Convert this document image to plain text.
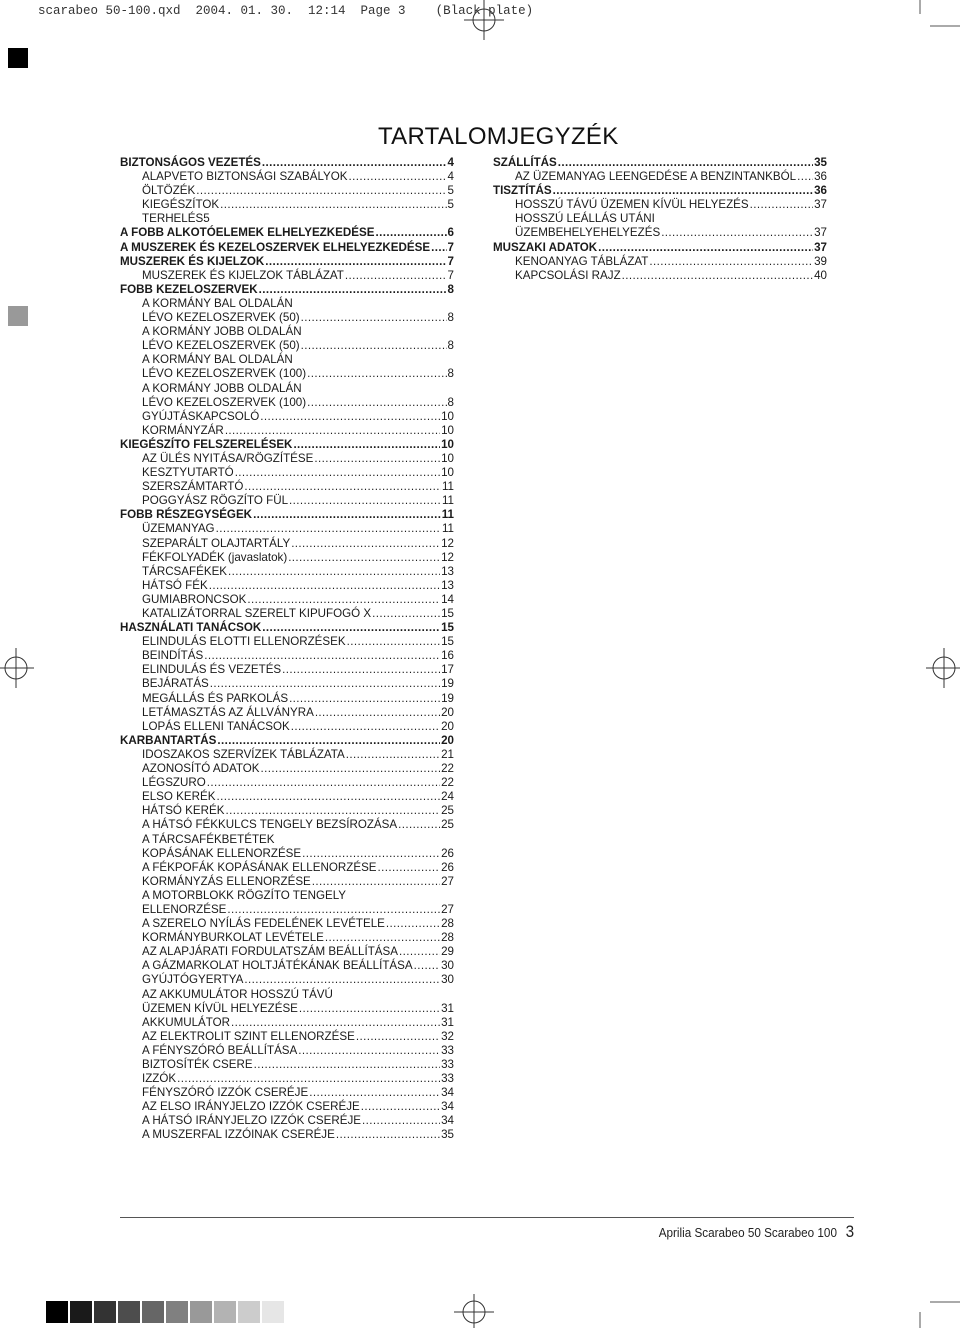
scarabeo 50-100.qxd  2004. 01. 30.  12:14  Page 3    (Black plate)
TARTALOMJEGYZÉK
BIZTONSÁGOS VEZETÉS .....	4
ALAPVETO BIZTONSÁGI SZABÁLYOK .....	4
ÖLTÖZÉK .....	5
KIEGÉSZÍTOK .....	5
TERHELÉS5
A FOBB ALKOTÓELEMEK ELHELYEZKEDÉSE .....	6
A MUSZEREK ÉS KEZELOSZERVEK ELHELYEZKEDÉSE ..... 7
MUSZEREK ÉS KIJELZOK .....	7
MUSZEREK ÉS KIJELZOK TÁBLÁZAT .....	7
FOBB KEZELOSZERVEK .....	8
A KORMÁNY BAL OLDALÁN
LÉVO KEZELOSZERVEK (50) .....	8
A KORMÁNY JOBB OLDALÁN
LÉVO KEZELOSZERVEK (50) .....	8
A KORMÁNY BAL OLDALÁN
LÉVO KEZELOSZERVEK (100) .....	8
A KORMÁNY JOBB OLDALÁN
LÉVO KEZELOSZERVEK (100) .....	8
GYÚJTÁSKAPCSOLÓ .....	10
KORMÁNYZÁR .....	10
KIEGÉSZÍTO FELSZERELÉSEK .....	10
AZ ÜLÉS NYITÁSA/RÖGZÍTÉSE .....	10
KESZTYUTARTÓ .....	10
SZERSZÁMTARTÓ .....	11
POGGYÁSZ RÖGZÍTO FÜL .....	11
FOBB RÉSZEGYSÉGEK .....	11
ÜZEMANYAG .....	11
SZEPARÁLT OLAJTARTÁLY .....	12
FÉKFOLYADÉK (javaslatok) .....	12
TÁRCSAFÉKEK .....	13
HÁTSÓ FÉK .....	13
GUMIABRONCSOK .....	14
KATALIZÁTORRAL SZERELT KIPUFOGÓ X .....	15
HASZNÁLATI TANÁCSOK .....	15
ELINDULÁS ELOTTI ELLENORZÉSEK .....	15
BEINDÍTÁS .....	16
ELINDULÁS ÉS VEZETÉS .....	17
BEJÁRATÁS .....	19
MEGÁLLÁS ÉS PARKOLÁS .....	19
LETÁMASZTÁS AZ ÁLLVÁNYRA .....	20
LOPÁS ELLENI TANÁCSOK .....	20
KARBANTARTÁS .....	20
IDOSZAKOS SZERVÍZEK TÁBLÁZATA .....	21
AZONOSÍTÓ ADATOK .....	22
LÉGSZURO .....	22
ELSO KERÉK .....	24
HÁTSÓ KERÉK .....	25
A HÁTSÓ FÉKKULCS TENGELY BEZSÍROZÁSA .....	25
A TÁRCSAFÉKBETÉTEK
KOPÁSÁNAK ELLENORZÉSE .....	26
A FÉKPOFÁK KOPÁSÁNAK ELLENORZÉSE .....	26
KORMÁNYZÁS ELLENORZÉSE .....	27
A MOTORBLOKK RÖGZÍTO TENGELY
ELLENORZÉSE .....	27
A SZERELO NYÍLÁS FEDELÉNEK LEVÉTELE .....	28
KORMÁNYBURKOLAT LEVÉTELE .....	28
AZ ALAPJÁRATI FORDULATSZÁM BEÁLLÍTÁSA .....	29
A GÁZMARKOLAT HOLTJÁTÉKÁNAK BEÁLLÍTÁSA ..... 30
GYÚJTÓGYERTYA .....	30
AZ AKKUMULÁTOR HOSSZÚ TÁVÚ
ÜZEMEN KÍVÜL HELYEZÉSE .....	31
AKKUMULÁTOR .....	31
AZ ELEKTROLIT SZINT ELLENORZÉSE .....	32
A FÉNYSZÓRÓ BEÁLLÍTÁSA .....	33
BIZTOSÍTÉK CSERE .....	33
IZZÓK .....	33
FÉNYSZÓRÓ IZZÓK CSERÉJE .....	34
AZ ELSO IRÁNYJELZO IZZÓK CSERÉJE .....	34
A HÁTSÓ IRÁNYJELZO IZZÓK CSERÉJE .....	34
A MUSZERFAL IZZÓINAK CSERÉJE .....	35
SZÁLLÍTÁS .....	35
AZ ÜZEMANYAG LEENGEDÉSE A BENZINTANKBÓL ..... 36
TISZTÍTÁS .....	36
HOSSZÚ TÁVÚ ÜZEMEN KÍVÜL HELYEZÉS .....	37
HOSSZÚ LEÁLLÁS UTÁNI
ÜZEMBEHELYEHELYEZÉS .....	37
MUSZAKI ADATOK .....	37
KENOANYAG TÁBLÁZAT .....	39
KAPCSOLÁSI RAJZ .....	40
Aprilia Scarabeo 50 Scarabeo 100 3
